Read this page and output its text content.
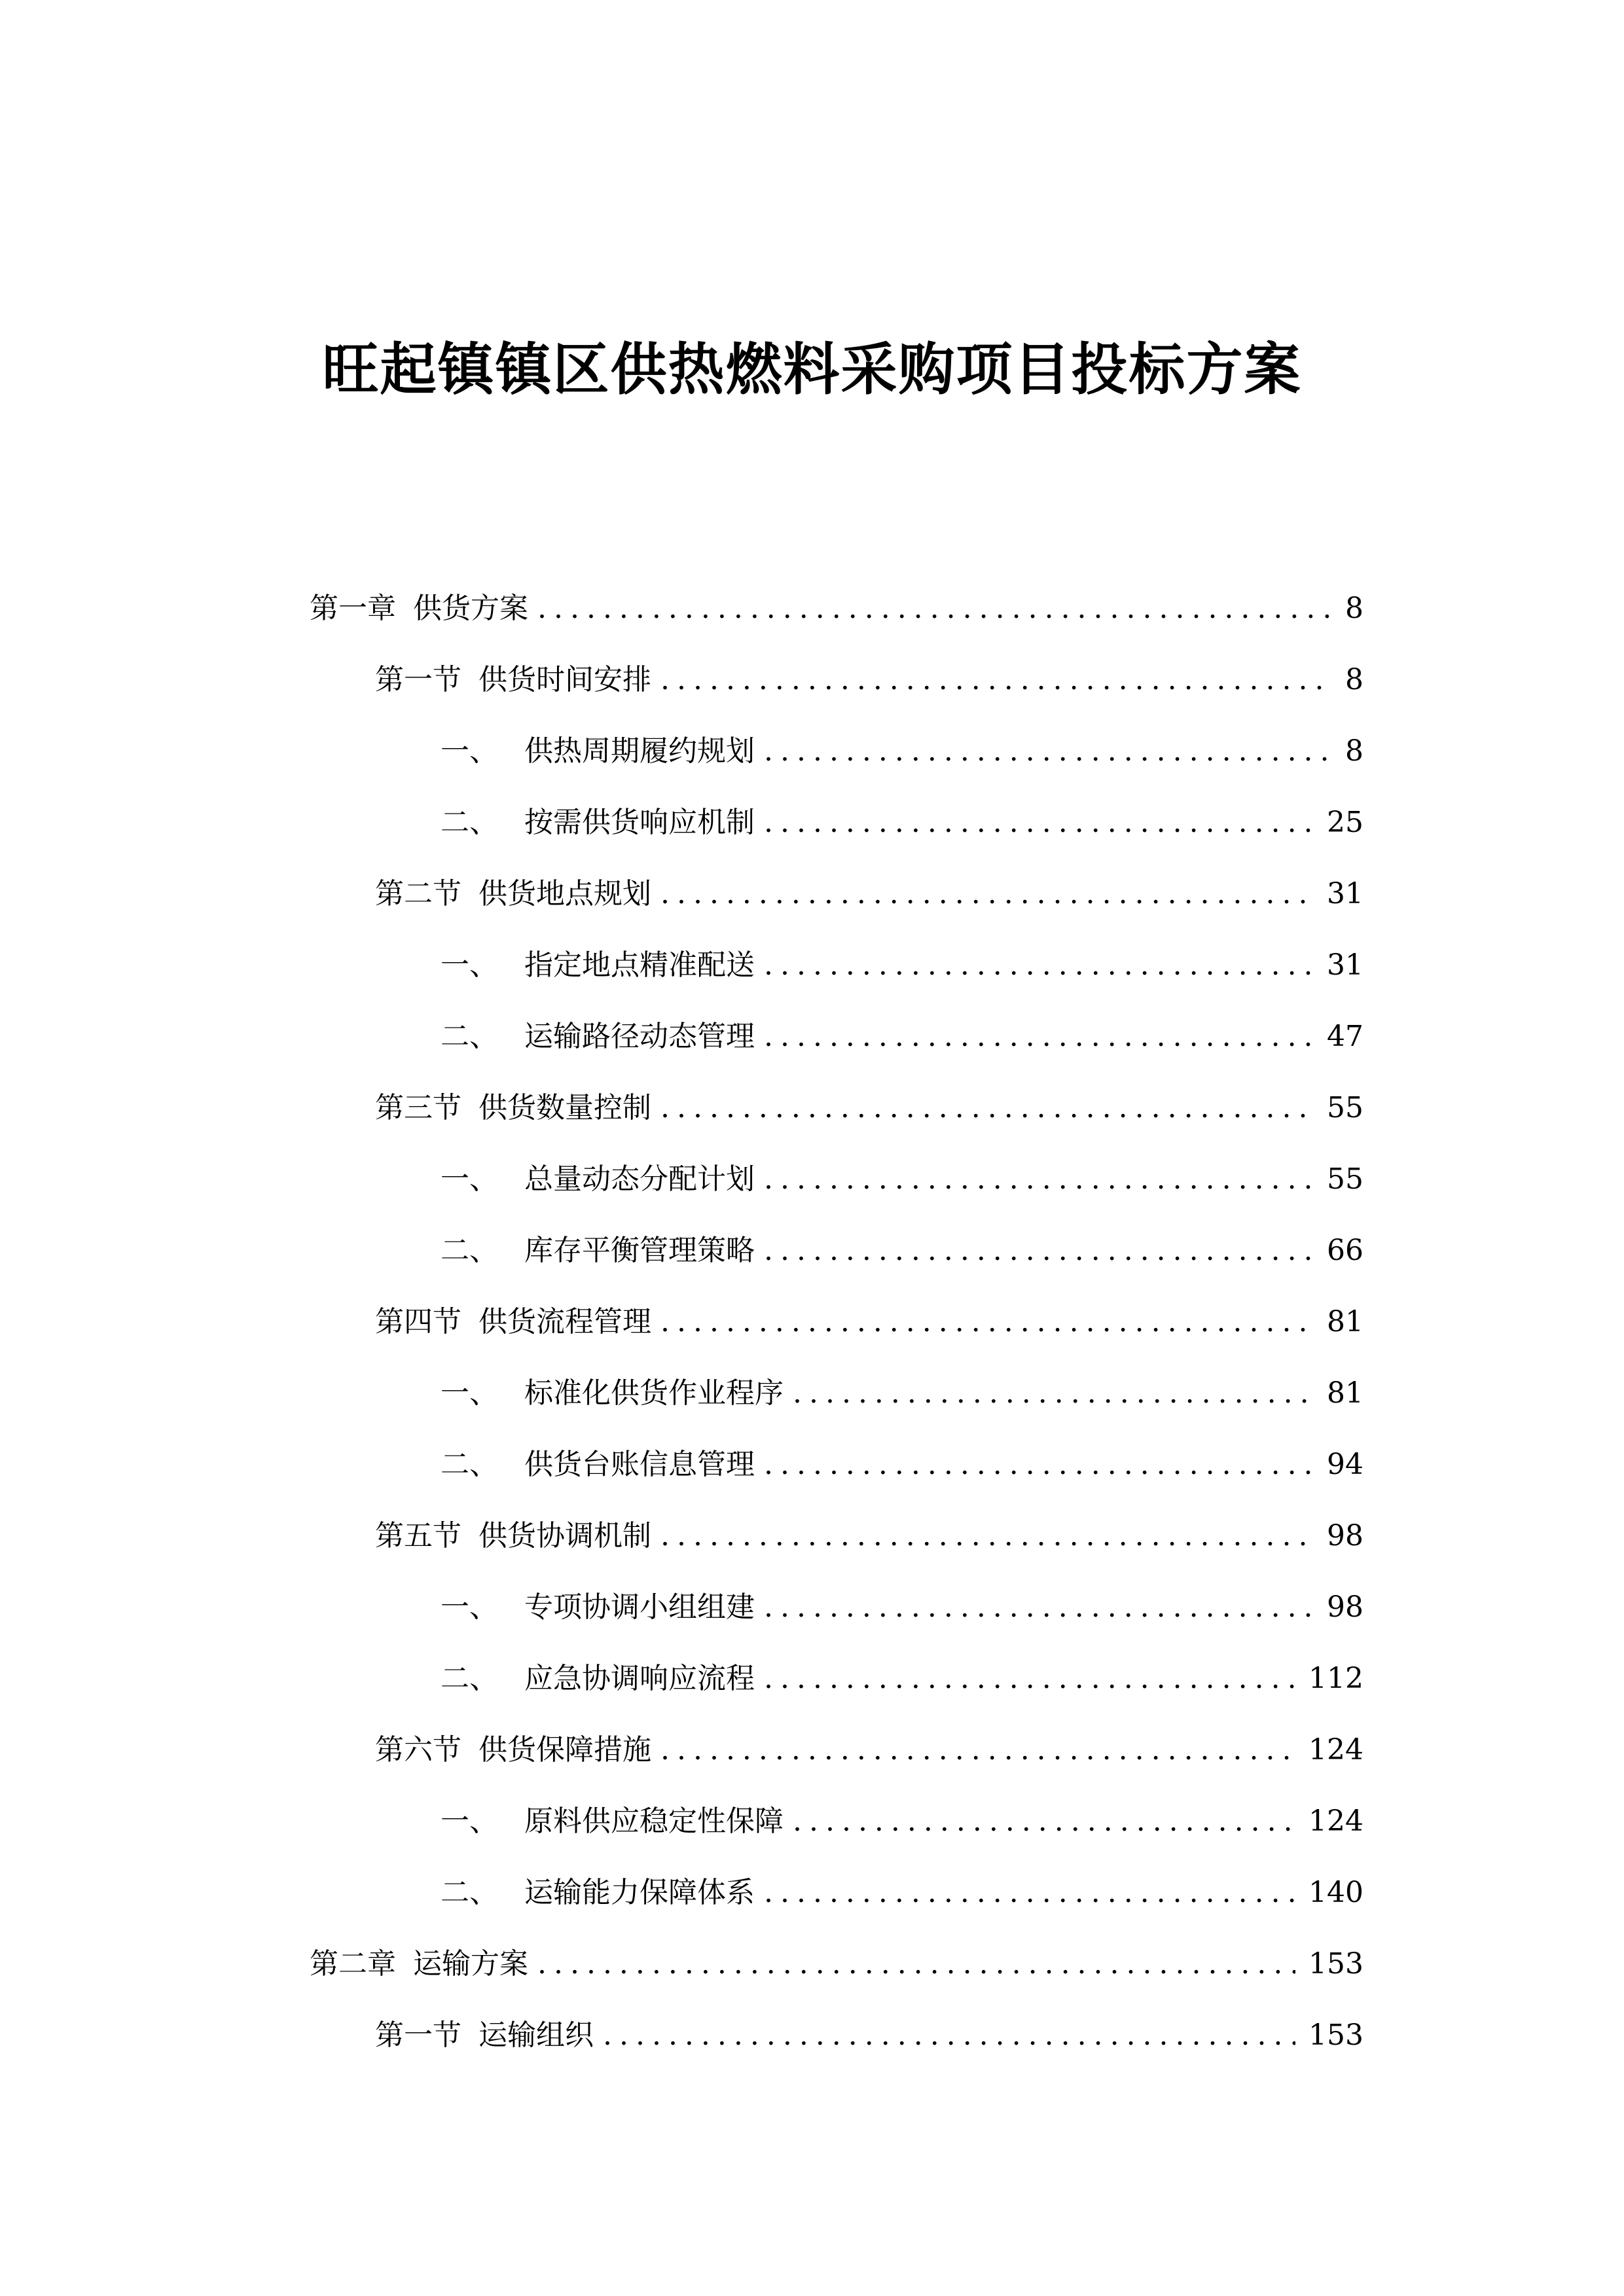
旺起镇镇区供热燃料采购项目投标方案
第一章 供货方案 .....	8
第一节 供货时间安排 .....	8
一、 供热周期履约规划 .....	8
二、 按需供货响应机制 .....	25
第二节 供货地点规划 .....	31
一、 指定地点精准配送 .....	31
二、 运输路径动态管理 .....	47
第三节 供货数量控制 .....	55
一、 总量动态分配计划 .....	55
二、 库存平衡管理策略 .....	66
第四节 供货流程管理 .....	81
一、 标准化供货作业程序 .....	81
二、 供货台账信息管理 .....	94
第五节 供货协调机制 .....	98
一、 专项协调小组组建 .....	98
二、 应急协调响应流程 .....	112
第六节 供货保障措施 .....	124
一、 原料供应稳定性保障 .....	124
二、 运输能力保障体系 .....	140
第二章 运输方案 .....	153
第一节 运输组织 .....	153
